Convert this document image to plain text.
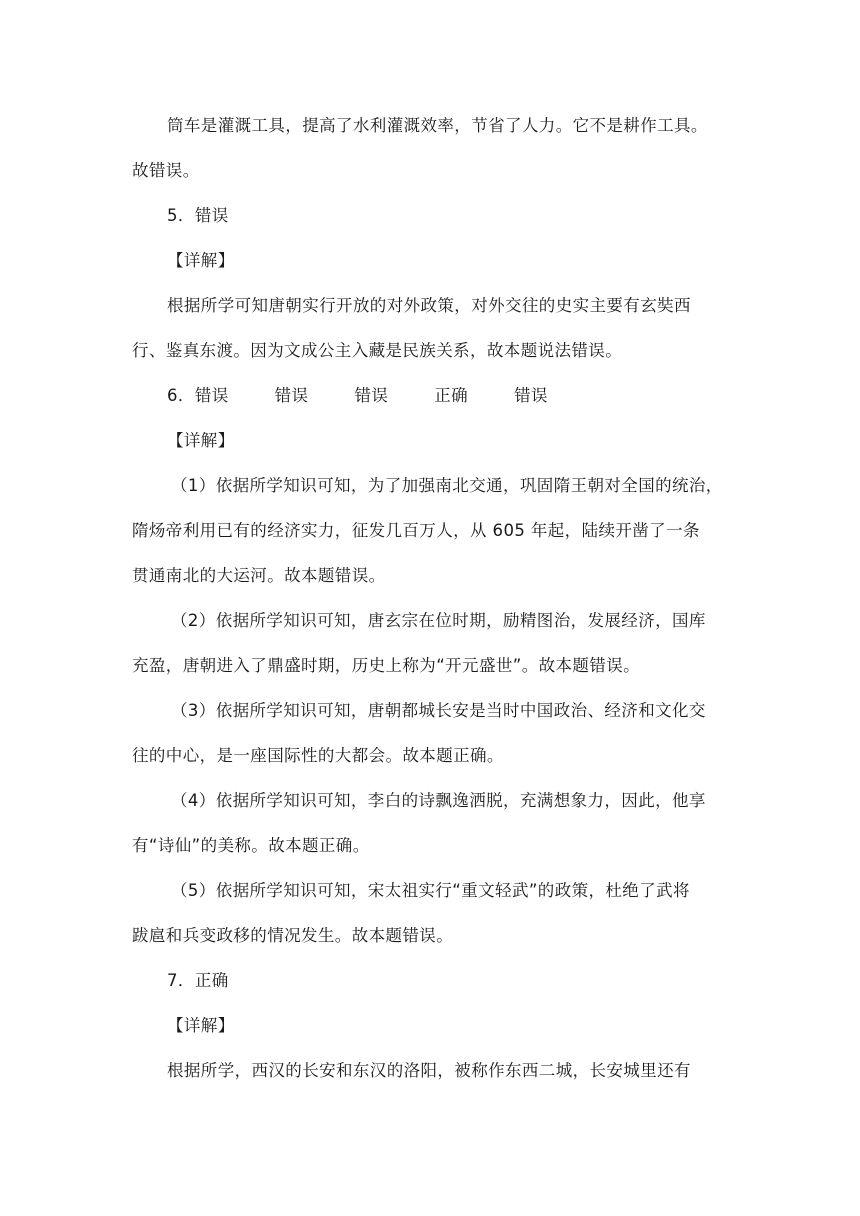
筒车是灌溉工具，提高了水利灌溉效率，节省了人力。它不是耕作工具。
故错误。
5．错误
【详解】
根据所学可知唐朝实行开放的对外政策，对外交往的史实主要有玄奘西
行、鉴真东渡。因为文成公主入藏是民族关系，故本题说法错误。
6．错误	错误	错误	正确	错误
【详解】
（1）依据所学知识可知，为了加强南北交通，巩固隋王朝对全国的统治，
隋炀帝利用已有的经济实力，征发几百万人，从 605 年起，陆续开凿了一条
贯通南北的大运河。故本题错误。
（2）依据所学知识可知，唐玄宗在位时期，励精图治，发展经济，国库
充盈，唐朝进入了鼎盛时期，历史上称为“开元盛世”。故本题错误。
（3）依据所学知识可知，唐朝都城长安是当时中国政治、经济和文化交
往的中心，是一座国际性的大都会。故本题正确。
（4）依据所学知识可知，李白的诗飘逸洒脱，充满想象力，因此，他享
有“诗仙”的美称。故本题正确。
（5）依据所学知识可知，宋太祖实行“重文轻武”的政策，杜绝了武将
跋扈和兵变政移的情况发生。故本题错误。
7．正确
【详解】
根据所学，西汉的长安和东汉的洛阳，被称作东西二城，长安城里还有
